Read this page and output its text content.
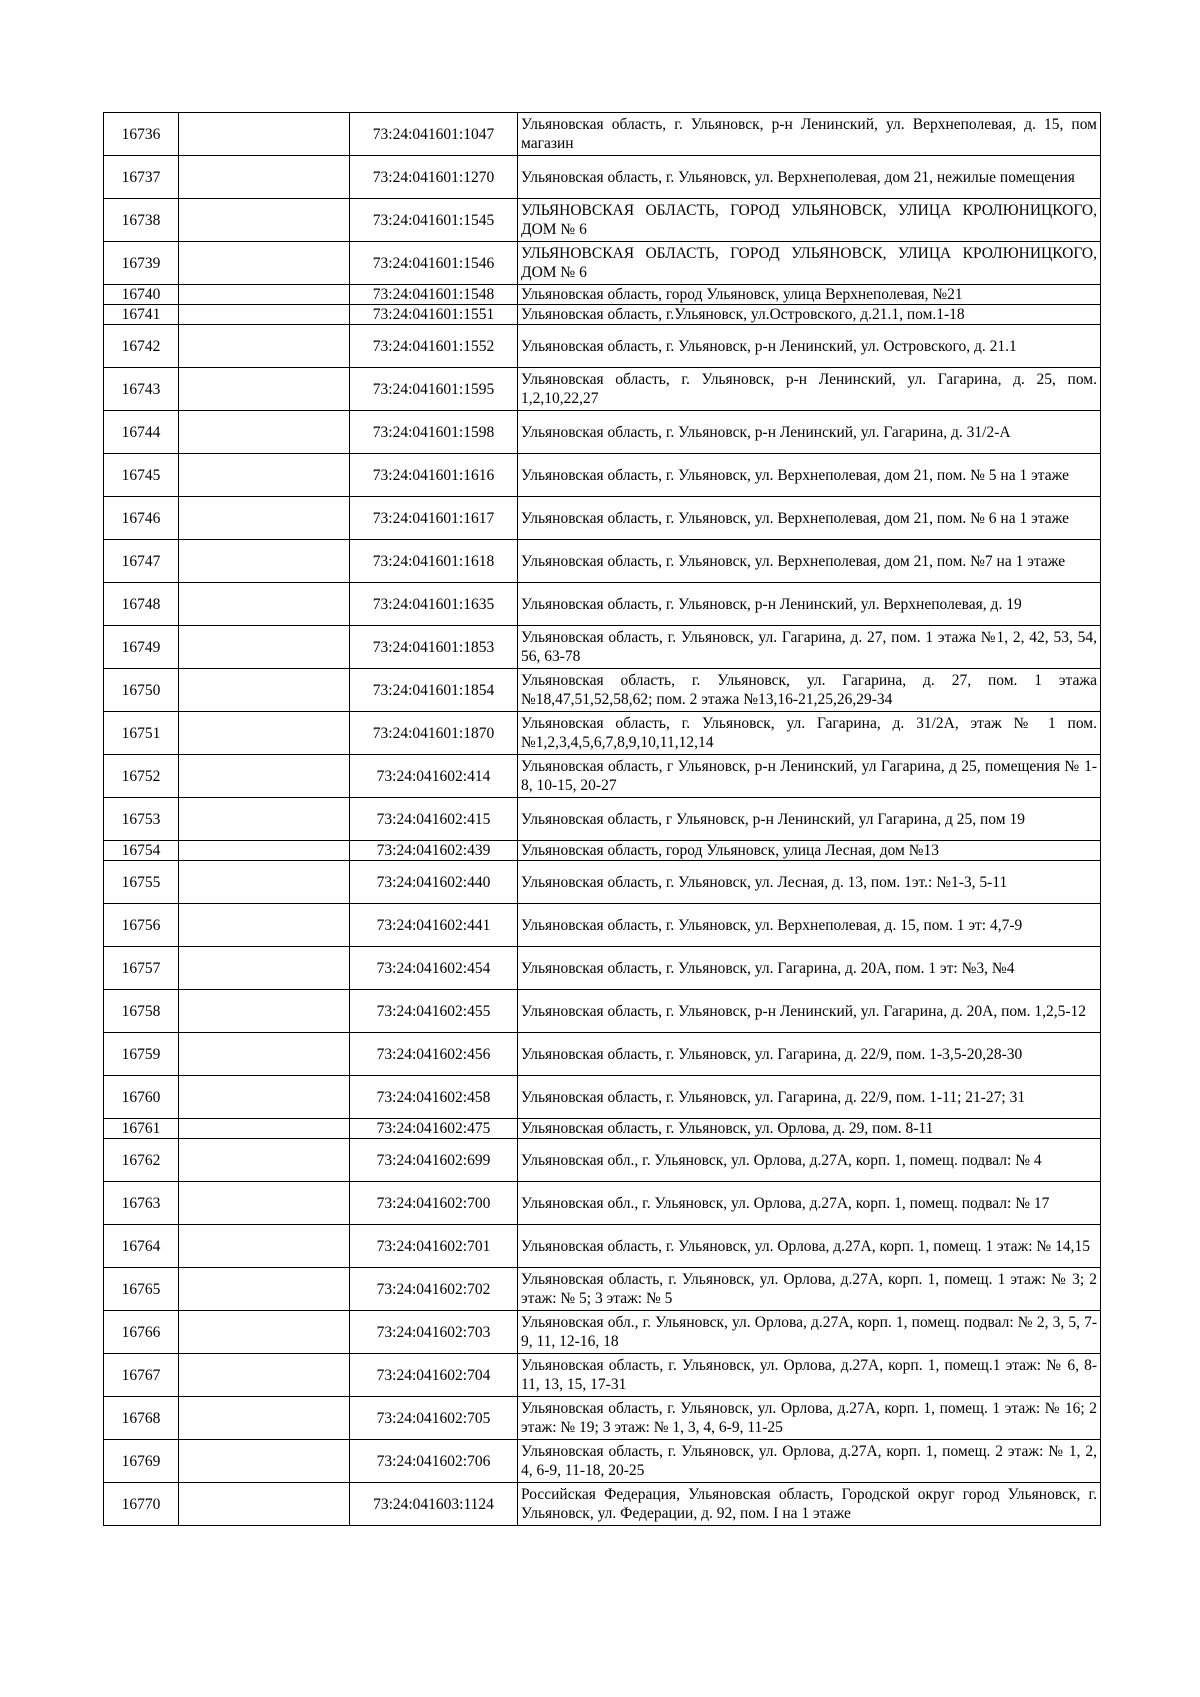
16736		73:24:041601:1047	Ульяновская область, г. Ульяновск, р-н Ленинский, ул. Верхнеполевая, д. 15, пом магазин
16737		73:24:041601:1270	Ульяновская область, г. Ульяновск, ул. Верхнеполевая, дом 21, нежилые помещения
16738		73:24:041601:1545	УЛЬЯНОВСКАЯ ОБЛАСТЬ, ГОРОД УЛЬЯНОВСК, УЛИЦА КРОЛЮНИЦКОГО, ДОМ № 6
16739		73:24:041601:1546	УЛЬЯНОВСКАЯ ОБЛАСТЬ, ГОРОД УЛЬЯНОВСК, УЛИЦА КРОЛЮНИЦКОГО, ДОМ № 6
16740		73:24:041601:1548	Ульяновская область, город Ульяновск, улица Верхнеполевая, №21
16741		73:24:041601:1551	Ульяновская область, г.Ульяновск, ул.Островского, д.21.1, пом.1-18
16742		73:24:041601:1552	Ульяновская область, г. Ульяновск, р-н Ленинский, ул. Островского, д. 21.1
16743		73:24:041601:1595	Ульяновская область, г. Ульяновск, р-н Ленинский, ул. Гагарина, д. 25, пом. 1,2,10,22,27
16744		73:24:041601:1598	Ульяновская область, г. Ульяновск, р-н Ленинский, ул. Гагарина, д. 31/2-А
16745		73:24:041601:1616	Ульяновская область, г. Ульяновск, ул. Верхнеполевая, дом 21, пом. № 5 на 1 этаже
16746		73:24:041601:1617	Ульяновская область, г. Ульяновск, ул. Верхнеполевая, дом 21, пом. № 6 на 1 этаже
16747		73:24:041601:1618	Ульяновская область, г. Ульяновск, ул. Верхнеполевая, дом 21, пом. №7 на 1 этаже
16748		73:24:041601:1635	Ульяновская область, г. Ульяновск, р-н Ленинский, ул. Верхнеполевая, д. 19
16749		73:24:041601:1853	Ульяновская область, г. Ульяновск, ул. Гагарина, д. 27, пом. 1 этажа №1, 2, 42, 53, 54, 56, 63-78
16750		73:24:041601:1854	Ульяновская область, г. Ульяновск, ул. Гагарина, д. 27, пом. 1 этажа №18,47,51,52,58,62; пом. 2 этажа №13,16-21,25,26,29-34
16751		73:24:041601:1870	Ульяновская область, г. Ульяновск, ул. Гагарина, д. 31/2А, этаж № 1 пом. №1,2,3,4,5,6,7,8,9,10,11,12,14
16752		73:24:041602:414	Ульяновская область, г Ульяновск, р-н Ленинский, ул Гагарина, д 25, помещения № 1-8, 10-15, 20-27
16753		73:24:041602:415	Ульяновская область, г Ульяновск, р-н Ленинский, ул Гагарина, д 25, пом 19
16754		73:24:041602:439	Ульяновская область, город Ульяновск, улица Лесная, дом №13
16755		73:24:041602:440	Ульяновская область, г. Ульяновск, ул. Лесная, д. 13, пом. 1эт.: №1-3, 5-11
16756		73:24:041602:441	Ульяновская область, г. Ульяновск, ул. Верхнеполевая, д. 15, пом. 1 эт: 4,7-9
16757		73:24:041602:454	Ульяновская область, г. Ульяновск, ул. Гагарина, д. 20А, пом. 1 эт: №3, №4
16758		73:24:041602:455	Ульяновская область, г. Ульяновск, р-н Ленинский, ул. Гагарина, д. 20А, пом. 1,2,5-12
16759		73:24:041602:456	Ульяновская область, г. Ульяновск, ул. Гагарина, д. 22/9, пом. 1-3,5-20,28-30
16760		73:24:041602:458	Ульяновская область, г. Ульяновск, ул. Гагарина, д. 22/9, пом. 1-11; 21-27; 31
16761		73:24:041602:475	Ульяновская область, г. Ульяновск, ул. Орлова, д. 29, пом. 8-11
16762		73:24:041602:699	Ульяновская обл., г. Ульяновск, ул. Орлова, д.27А, корп. 1, помещ. подвал: № 4
16763		73:24:041602:700	Ульяновская обл., г. Ульяновск, ул. Орлова, д.27А, корп. 1, помещ. подвал: № 17
16764		73:24:041602:701	Ульяновская область, г. Ульяновск, ул. Орлова, д.27А, корп. 1, помещ. 1 этаж: № 14,15
16765		73:24:041602:702	Ульяновская область, г. Ульяновск, ул. Орлова, д.27А, корп. 1, помещ. 1 этаж: № 3; 2 этаж: № 5; 3 этаж: № 5
16766		73:24:041602:703	Ульяновская обл., г. Ульяновск, ул. Орлова, д.27А, корп. 1, помещ. подвал: № 2, 3, 5, 7-9, 11, 12-16, 18
16767		73:24:041602:704	Ульяновская область, г. Ульяновск, ул. Орлова, д.27А, корп. 1, помещ.1 этаж: № 6, 8-11, 13, 15, 17-31
16768		73:24:041602:705	Ульяновская область, г. Ульяновск, ул. Орлова, д.27А, корп. 1, помещ. 1 этаж: № 16; 2 этаж: № 19; 3 этаж: № 1, 3, 4, 6-9, 11-25
16769		73:24:041602:706	Ульяновская область, г. Ульяновск, ул. Орлова, д.27А, корп. 1, помещ. 2 этаж: № 1, 2, 4, 6-9, 11-18, 20-25
16770		73:24:041603:1124	Российская Федерация, Ульяновская область, Городской округ город Ульяновск, г. Ульяновск, ул. Федерации, д. 92, пом. I на 1 этаже
